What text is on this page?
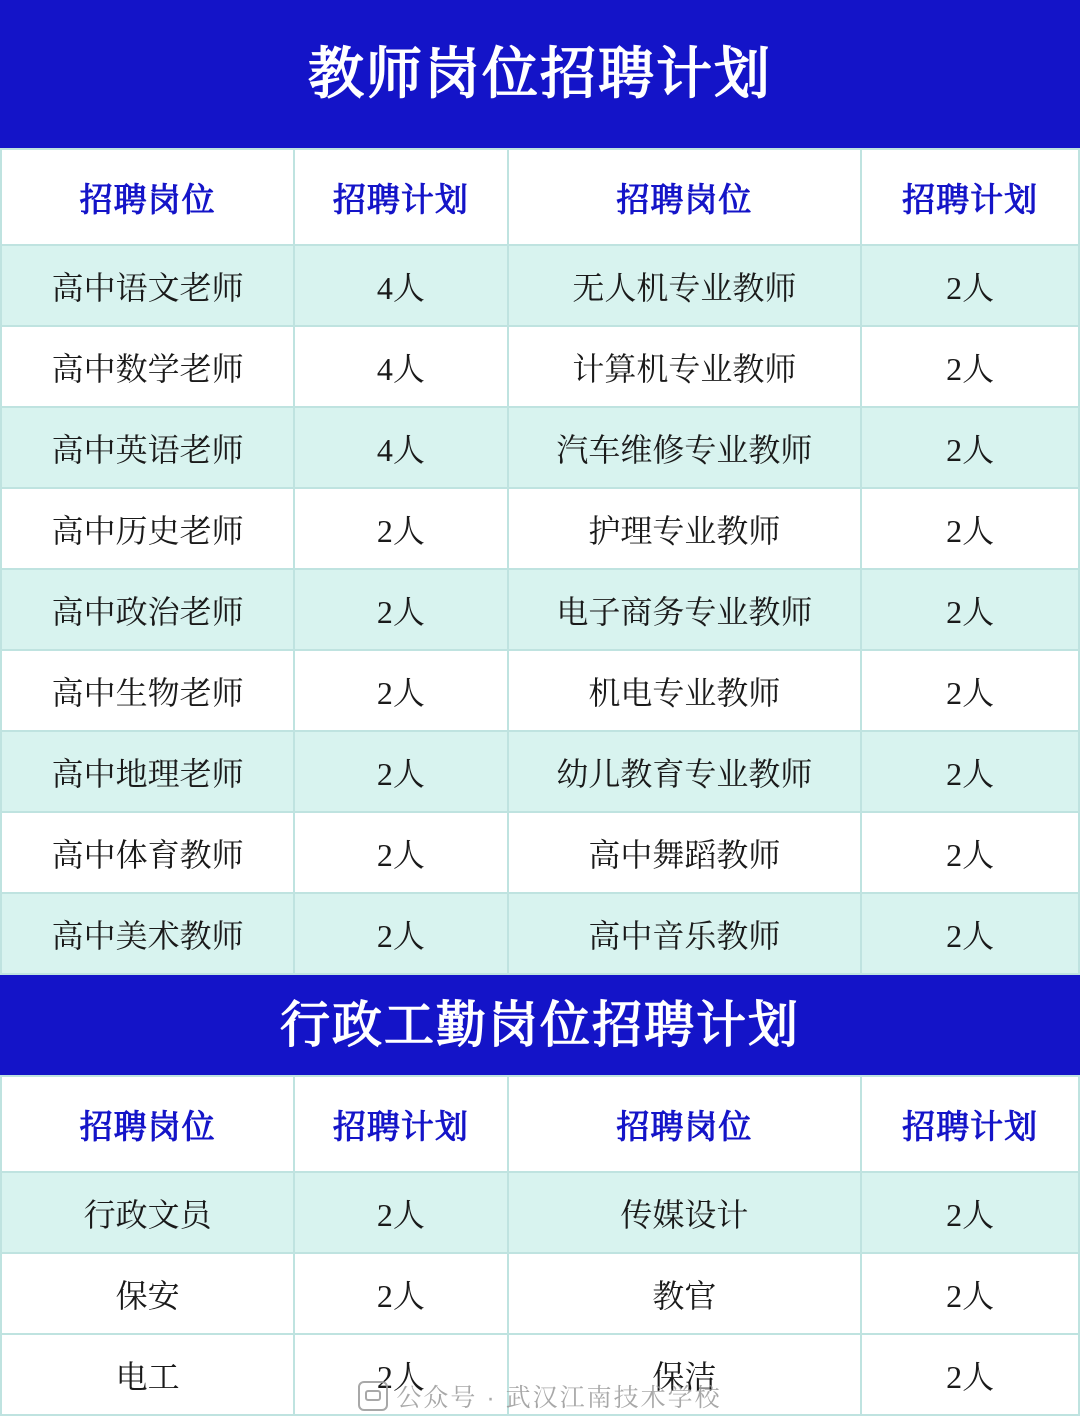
教师岗位招聘计划
招聘岗位	招聘计划	招聘岗位	招聘计划
高中语文老师	4人	无人机专业教师	2人
高中数学老师	4人	计算机专业教师	2人
高中英语老师	4人	汽车维修专业教师	2人
高中历史老师	2人	护理专业教师	2人
高中政治老师	2人	电子商务专业教师	2人
高中生物老师	2人	机电专业教师	2人
高中地理老师	2人	幼儿教育专业教师	2人
高中体育教师	2人	高中舞蹈教师	2人
高中美术教师	2人	高中音乐教师	2人
行政工勤岗位招聘计划
招聘岗位	招聘计划	招聘岗位	招聘计划
行政文员	2人	传媒设计	2人
保安	2人	教官	2人
电工	2人	保洁	2人
公众号 · 武汉江南技术学校
